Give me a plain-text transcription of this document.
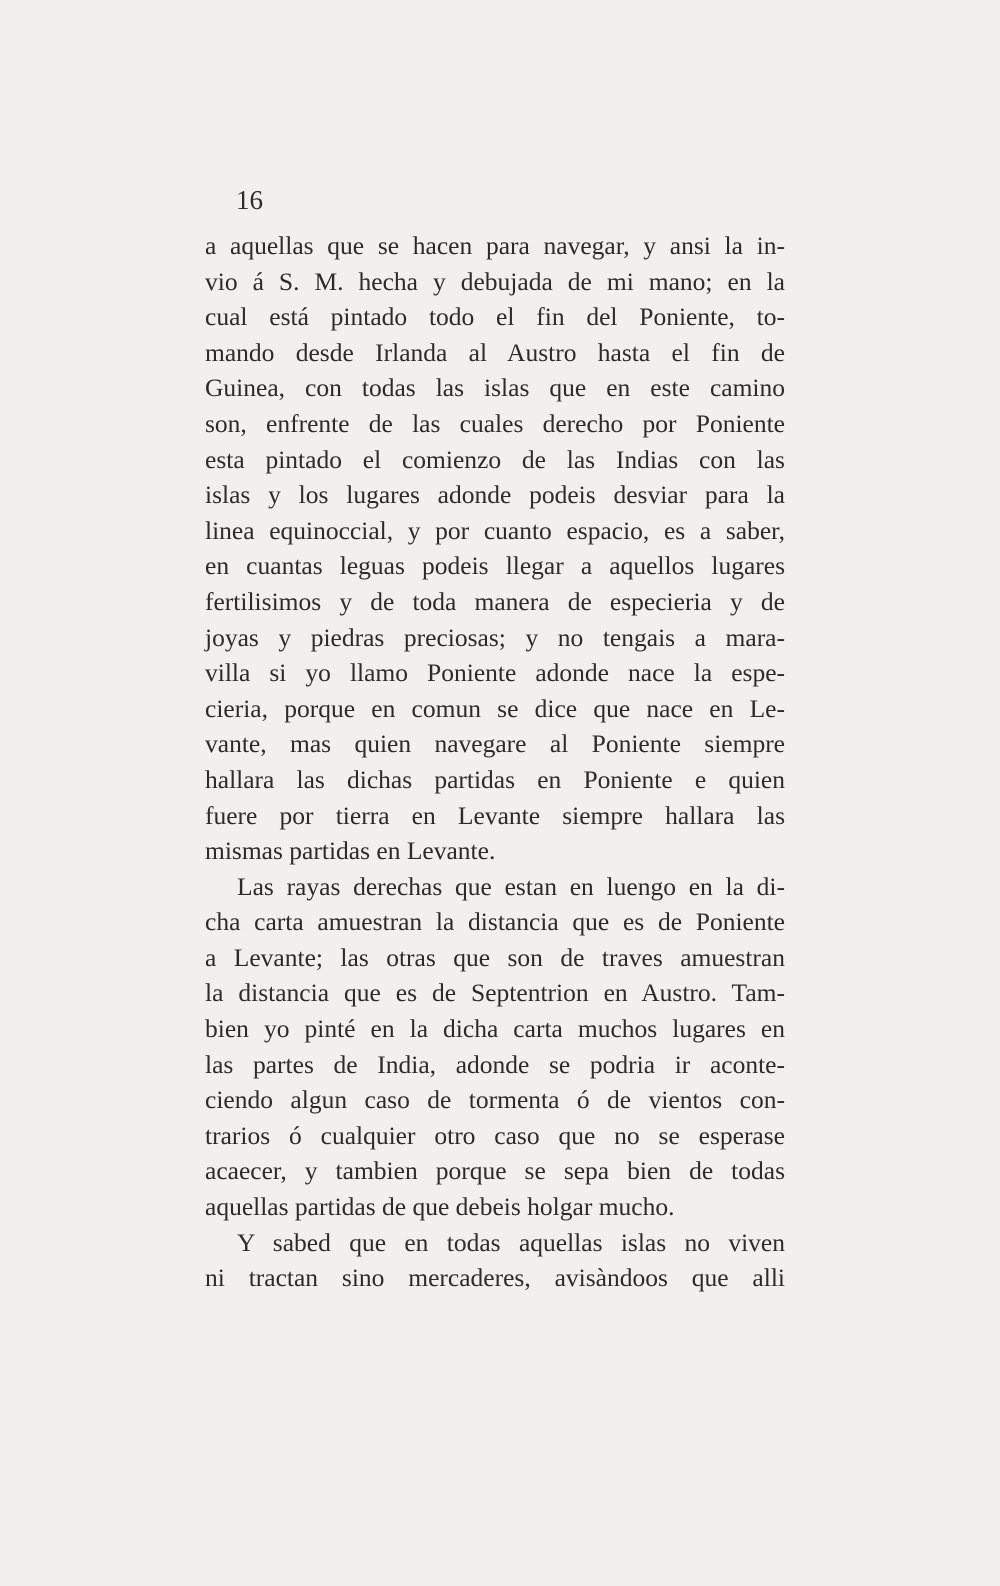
16
a aquellas que se hacen para navegar, y ansi la in-
vio á S. M. hecha y debujada de mi mano; en la
cual está pintado todo el fin del Poniente, to-
mando desde Irlanda al Austro hasta el fin de
Guinea, con todas las islas que en este camino
son, enfrente de las cuales derecho por Poniente
esta pintado el comienzo de las Indias con las
islas y los lugares adonde podeis desviar para la
linea equinoccial, y por cuanto espacio, es a saber,
en cuantas leguas podeis llegar a aquellos lugares
fertilisimos y de toda manera de especieria y de
joyas y piedras preciosas; y no tengais a mara-
villa si yo llamo Poniente adonde nace la espe-
cieria, porque en comun se dice que nace en Le-
vante, mas quien navegare al Poniente siempre
hallara las dichas partidas en Poniente e quien
fuere por tierra en Levante siempre hallara las
mismas partidas en Levante.
Las rayas derechas que estan en luengo en la di-
cha carta amuestran la distancia que es de Poniente
a Levante; las otras que son de traves amuestran
la distancia que es de Septentrion en Austro. Tam-
bien yo pinté en la dicha carta muchos lugares en
las partes de India, adonde se podria ir aconte-
ciendo algun caso de tormenta ó de vientos con-
trarios ó cualquier otro caso que no se esperase
acaecer, y tambien porque se sepa bien de todas
aquellas partidas de que debeis holgar mucho.
Y sabed que en todas aquellas islas no viven
ni tractan sino mercaderes, avisàndoos que alli
